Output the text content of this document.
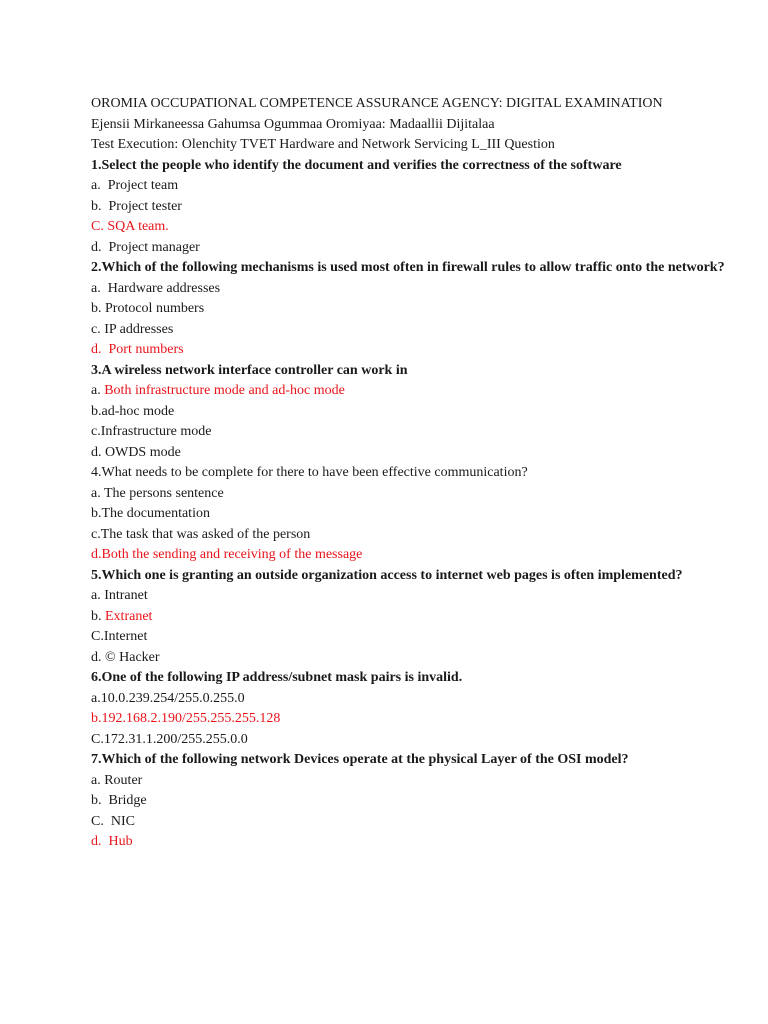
OROMIA OCCUPATIONAL COMPETENCE ASSURANCE AGENCY: DIGITAL EXAMINATION
Ejensii Mirkaneessa Gahumsa Ogummaa Oromiyaa: Madaallii Dijitalaa
Test Execution: Olenchity TVET Hardware and Network Servicing L_III Question
1.Select the people who identify the document and verifies the correctness of the software
a.  Project team
b.  Project tester
C. SQA team.
d.  Project manager
2.Which of the following mechanisms is used most often in firewall rules to allow traffic onto the network?
a.  Hardware addresses
b. Protocol numbers
c. IP addresses
d.  Port numbers
3.A wireless network interface controller can work in
a. Both infrastructure mode and ad-hoc mode
b.ad-hoc mode
c.Infrastructure mode
d. OWDS mode
4.What needs to be complete for there to have been effective communication?
a. The persons sentence
b.The documentation
c.The task that was asked of the person
d.Both the sending and receiving of the message
5.Which one is granting an outside organization access to internet web pages is often implemented?
a. Intranet
b. Extranet
C.Internet
d. © Hacker
6.One of the following IP address/subnet mask pairs is invalid.
a.10.0.239.254/255.0.255.0
b.192.168.2.190/255.255.255.128
C.172.31.1.200/255.255.0.0
7.Which of the following network Devices operate at the physical Layer of the OSI model?
a. Router
b.  Bridge
C.  NIC
d.  Hub
